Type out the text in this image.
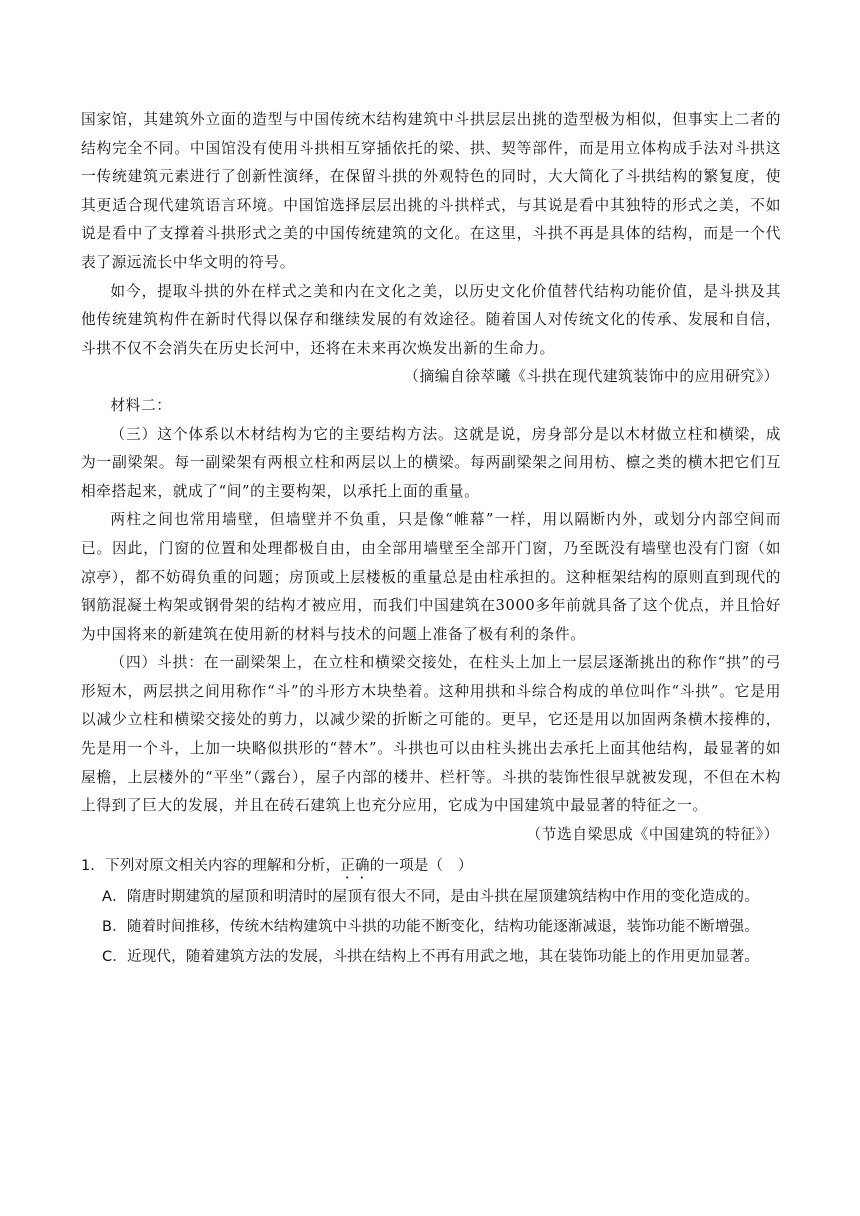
国家馆，其建筑外立面的造型与中国传统木结构建筑中斗拱层层出挑的造型极为相似，但事实上二者的结构完全不同。中国馆没有使用斗拱相互穿插依托的梁、拱、契等部件，而是用立体构成手法对斗拱这一传统建筑元素进行了创新性演绎，在保留斗拱的外观特色的同时，大大简化了斗拱结构的繁复度，使其更适合现代建筑语言环境。中国馆选择层层出挑的斗拱样式，与其说是看中其独特的形式之美，不如说是看中了支撑着斗拱形式之美的中国传统建筑的文化。在这里，斗拱不再是具体的结构，而是一个代表了源远流长中华文明的符号。

如今，提取斗拱的外在样式之美和内在文化之美，以历史文化价值替代结构功能价值，是斗拱及其他传统建筑构件在新时代得以保存和继续发展的有效途径。随着国人对传统文化的传承、发展和自信，斗拱不仅不会消失在历史长河中，还将在未来再次焕发出新的生命力。

（摘编自徐萃曦《斗拱在现代建筑装饰中的应用研究》）

材料二：

（三）这个体系以木材结构为它的主要结构方法。这就是说，房身部分是以木材做立柱和横梁，成为一副梁架。每一副梁架有两根立柱和两层以上的横梁。每两副梁架之间用枋、檩之类的横木把它们互相牵搭起来，就成了“间”的主要构架，以承托上面的重量。

两柱之间也常用墙壁，但墙壁并不负重，只是像“帷幕”一样，用以隔断内外，或划分内部空间而已。因此，门窗的位置和处理都极自由，由全部用墙壁至全部开门窗，乃至既没有墙壁也没有门窗（如凉亭），都不妨碍负重的问题；房顶或上层楼板的重量总是由柱承担的。这种框架结构的原则直到现代的钢筋混凝土构架或钢骨架的结构才被应用，而我们中国建筑在3000多年前就具备了这个优点，并且恰好为中国将来的新建筑在使用新的材料与技术的问题上准备了极有利的条件。

（四）斗拱：在一副梁架上，在立柱和横梁交接处，在柱头上加上一层层逐渐挑出的称作“拱”的弓形短木，两层拱之间用称作“斗”的斗形方木块垫着。这种用拱和斗综合构成的单位叫作“斗拱”。它是用以减少立柱和横梁交接处的剪力，以减少梁的折断之可能的。更早，它还是用以加固两条横木接榫的，先是用一个斗，上加一块略似拱形的“替木”。斗拱也可以由柱头挑出去承托上面其他结构，最显著的如屋檐，上层楼外的“平坐”（露台），屋子内部的楼井、栏杆等。斗拱的装饰性很早就被发现，不但在木构上得到了巨大的发展，并且在砖石建筑上也充分应用，它成为中国建筑中最显著的特征之一。

（节选自梁思成《中国建筑的特征》）

1．下列对原文相关内容的理解和分析，正确的一项是（　）
A．隋唐时期建筑的屋顶和明清时的屋顶有很大不同，是由斗拱在屋顶建筑结构中作用的变化造成的。
B．随着时间推移，传统木结构建筑中斗拱的功能不断变化，结构功能逐渐减退，装饰功能不断增强。
C．近现代，随着建筑方法的发展，斗拱在结构上不再有用武之地，其在装饰功能上的作用更加显著。
